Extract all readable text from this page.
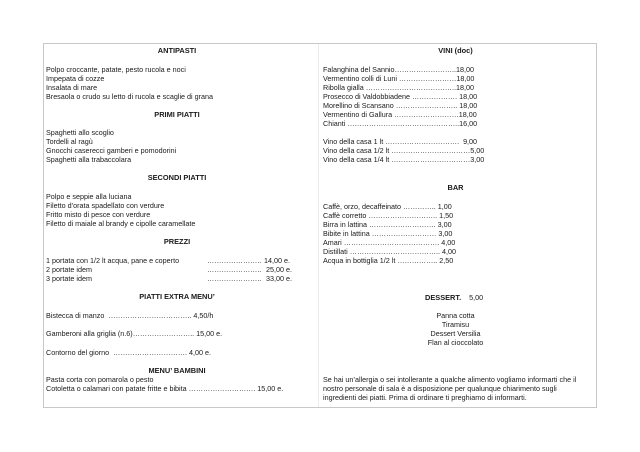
ANTIPASTI
Polpo croccante, patate, pesto rucola e noci
Impepata di cozze
Insalata di mare
Bresaola o crudo su letto di rucola e scaglie di grana
PRIMI PIATTI
Spaghetti allo scoglio
Tordelli al ragù
Gnocchi caserecci gamberi e pomodorini
Spaghetti alla trabaccolara
SECONDI PIATTI
Polpo e seppie alla luciana
Filetto d’orata spadellato con verdure
Fritto misto di pesce con verdure
Filetto di maiale al brandy e cipolle caramellate
PREZZI
1 portata con 1/2 lt acqua, pane e coperto	………………….. 14,00 e.
2 portate idem	………………….. 25,00 e.
3 portate idem	………………….. 33,00 e.
PIATTI EXTRA MENU’
Bistecca di manzo  …………………………….. 4,50/h
Gamberoni alla griglia (n.6)…………………….. 15,00 e.
Contorno del giorno  …………………………. 4,00 e.
MENU’ BAMBINI
Pasta corta con pomarola o pesto
Cotoletta o calamari con patate fritte e bibita ………………………. 15,00 e.
VINI (doc)
Falanghina del Sannio……………………..18,00
Vermentino colli di Luni ……………………18,00
Ribolla gialla ………………………………..18,00
Prosecco di Valdobbiadene ………………. 18,00
Morellino di Scansano …………………….. 18,00
Vermentino di Gallura ………………………18,00
Chianti ………………………………………..16,00
Vino della casa 1 lt ………………………….  9,00
Vino della casa 1/2 lt ……………………………5,00
Vino della casa 1/4 lt ……………………………3,00
BAR
Caffè, orzo, decaffeinato ………….. 1,00
Caffè corretto ……………………….. 1,50
Birra in lattina ………………………. 3,00
Bibite in lattina ……………………… 3,00
Amari …………………………………. 4,00
Distillati ……………………………….. 4,00
Acqua in bottiglia 1/2 lt …………….. 2,50
DESSERT. 5,00
Panna cotta
Tiramisu
Dessert Versilia
Flan al cioccolato
Se hai un’allergia o sei intollerante a qualche alimento vogliamo informarti che il
nostro personale di sala è a disposizione per qualunque chiarimento sugli
ingredienti dei piatti. Prima di ordinare ti preghiamo di informarti.
